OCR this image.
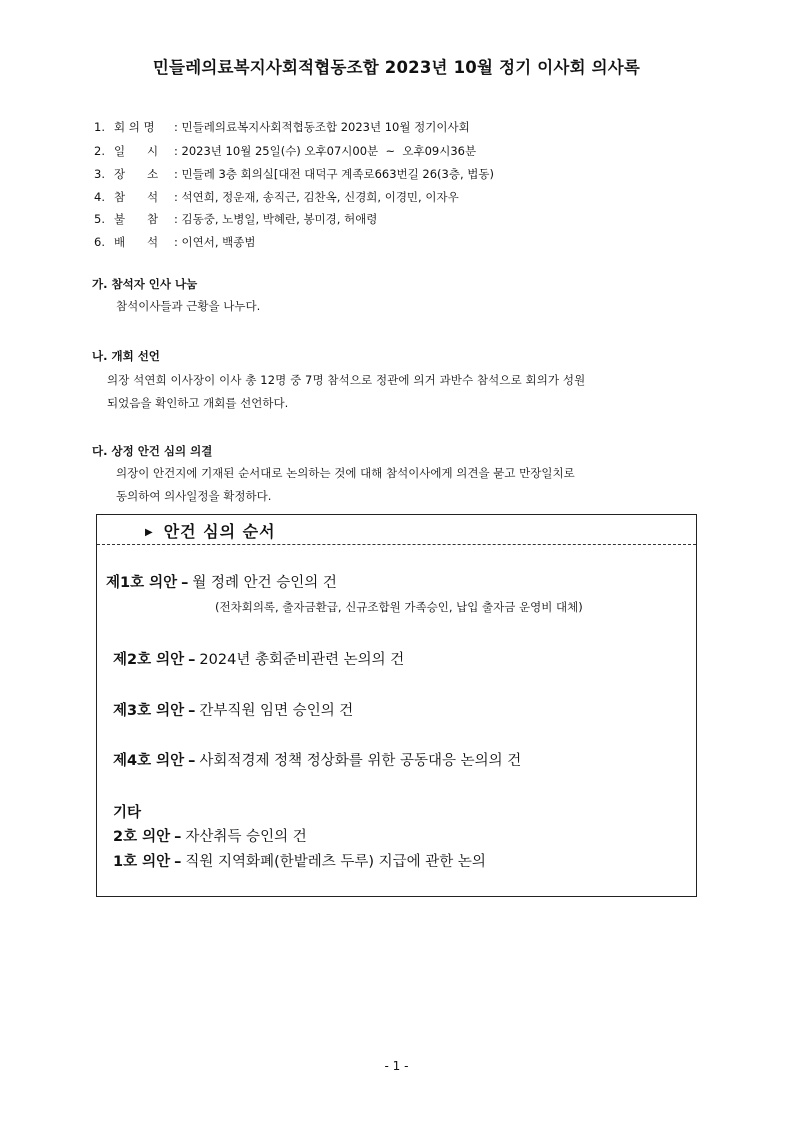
민들레의료복지사회적협동조합 2023년 10월 정기 이사회 의사록
1. 회 의 명 : 민들레의료복지사회적협동조합 2023년 10월 정기이사회
2. 일      시 : 2023년 10월 25일(수) 오후07시00분  ~  오후09시36분
3. 장      소 : 민들레 3층 회의실[대전 대덕구 계족로663번길 26(3층, 법동)
4. 참      석 : 석연희, 정운재, 송직근, 김찬옥, 신경희, 이경민, 이자우
5. 불      참 : 김동중, 노병일, 박혜란, 봉미경, 허애령
6. 배      석 : 이연서, 백종범
가. 참석자 인사 나눔
참석이사들과 근황을 나누다.
나. 개회 선언
의장 석연희 이사장이 이사 총 12명 중 7명 참석으로 정관에 의거 과반수 참석으로 회의가 성원
되었음을 확인하고 개회를 선언하다.
다. 상정 안건 심의 의결
의장이 안건지에 기재된 순서대로 논의하는 것에 대해 참석이사에게 의견을 묻고 만장일치로
동의하여 의사일정을 확정하다.
▶ 안건 심의 순서
제1호 의안 – 월 정례 안건 승인의 건
(전차회의록, 출자금환급, 신규조합원 가족승인, 납입 출자금 운영비 대체)
제2호 의안 – 2024년 총회준비관련 논의의 건
제3호 의안 – 간부직원 임면 승인의 건
제4호 의안 – 사회적경제 정책 정상화를 위한 공동대응 논의의 건
기타
2호 의안 – 자산취득 승인의 건
1호 의안 – 직원 지역화폐(한밭레츠 두루) 지급에 관한 논의
- 1 -
